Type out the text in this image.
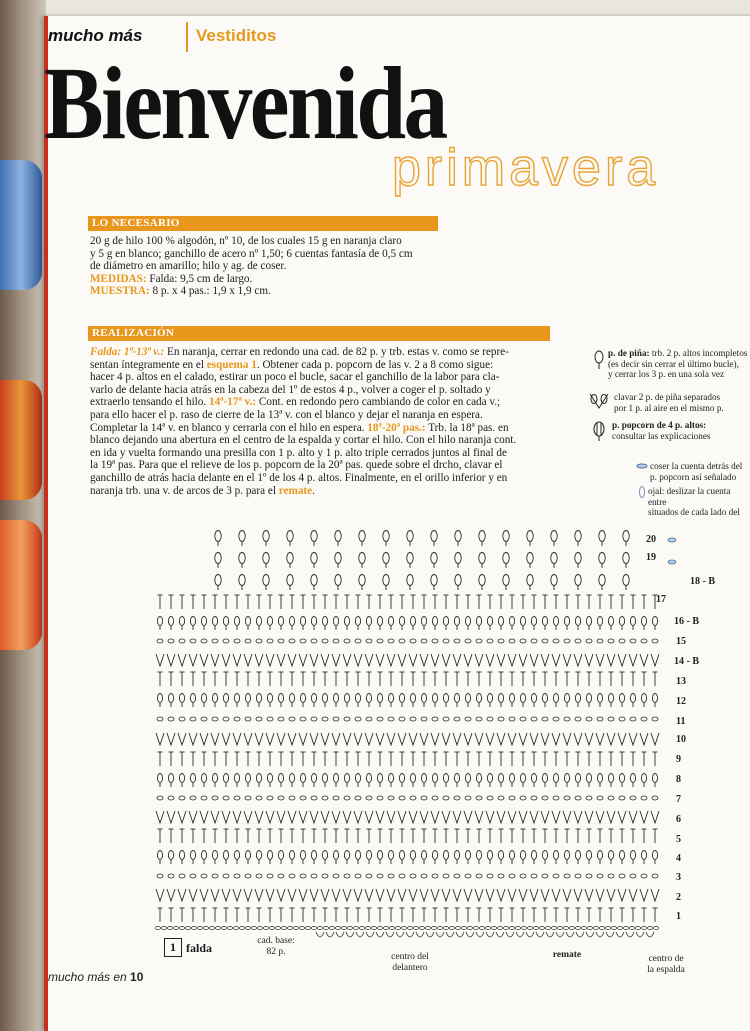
mucho más	Vestiditos
Bienvenida
primavera
LO NECESARIO
20 g de hilo 100 % algodón, nº 10, de los cuales 15 g en naranja claro
y 5 g en blanco; ganchillo de acero nº 1,50; 6 cuentas fantasía de 0,5 cm
de diámetro en amarillo; hilo y ag. de coser.
MEDIDAS: Falda: 9,5 cm de largo.
MUESTRA: 8 p. x 4 pas.: 1,9 x 1,9 cm.
REALIZACIÓN
Falda: 1ª-13ª v.: En naranja, cerrar en redondo una cad. de 82 p. y trb. estas v. como se repre-
sentan íntegramente en el esquema 1. Obtener cada p. popcorn de las v. 2 a 8 como sigue:
hacer 4 p. altos en el calado, estirar un poco el bucle, sacar el ganchillo de la labor para cla-
varlo de delante hacia atrás en la cabeza del 1º de estos 4 p., volver a coger el p. soltado y
extraerlo tensando el hilo. 14ª-17ª v.: Cont. en redondo pero cambiando de color en cada v.;
para ello hacer el p. raso de cierre de la 13ª v. con el blanco y dejar el naranja en espera.
Completar la 14ª v. en blanco y cerrarla con el hilo en espera. 18ª-20ª pas.: Trb. la 18ª pas. en
blanco dejando una abertura en el centro de la espalda y cortar el hilo. Con el hilo naranja cont.
en ida y vuelta formando una presilla con 1 p. alto y 1 p. alto triple cerrados juntos al final de
la 19ª pas. Para que el relieve de los p. popcorn de la 20ª pas. quede sobre el drcho, clavar el
ganchillo de atrás hacia delante en el 1º de los 4 p. altos. Finalmente, en el orillo inferior y en
naranja trb. una v. de arcos de 3 p. para el remate.
p. de piña: trb. 2 p. altos incompletos
(es decir sin cerrar el último bucle),
y cerrar los 3 p. en una sola vez
clavar 2 p. de piña separados
por 1 p. al aire en el mismo p.
p. popcorn de 4 p. altos:
consultar las explicaciones
coser la cuenta detrás del
p. popcorn así señalado
ojal: deslizar la cuenta entre
situados de cada lado del
20
19
18 - B
17
16 - B
15
14 - B
13
12
11
10
9
8
7
6
5
4
3
2
1
1 falda	cad. base:
82 p.	centro del
delantero
remate	centro de
la espalda
mucho más en 10
